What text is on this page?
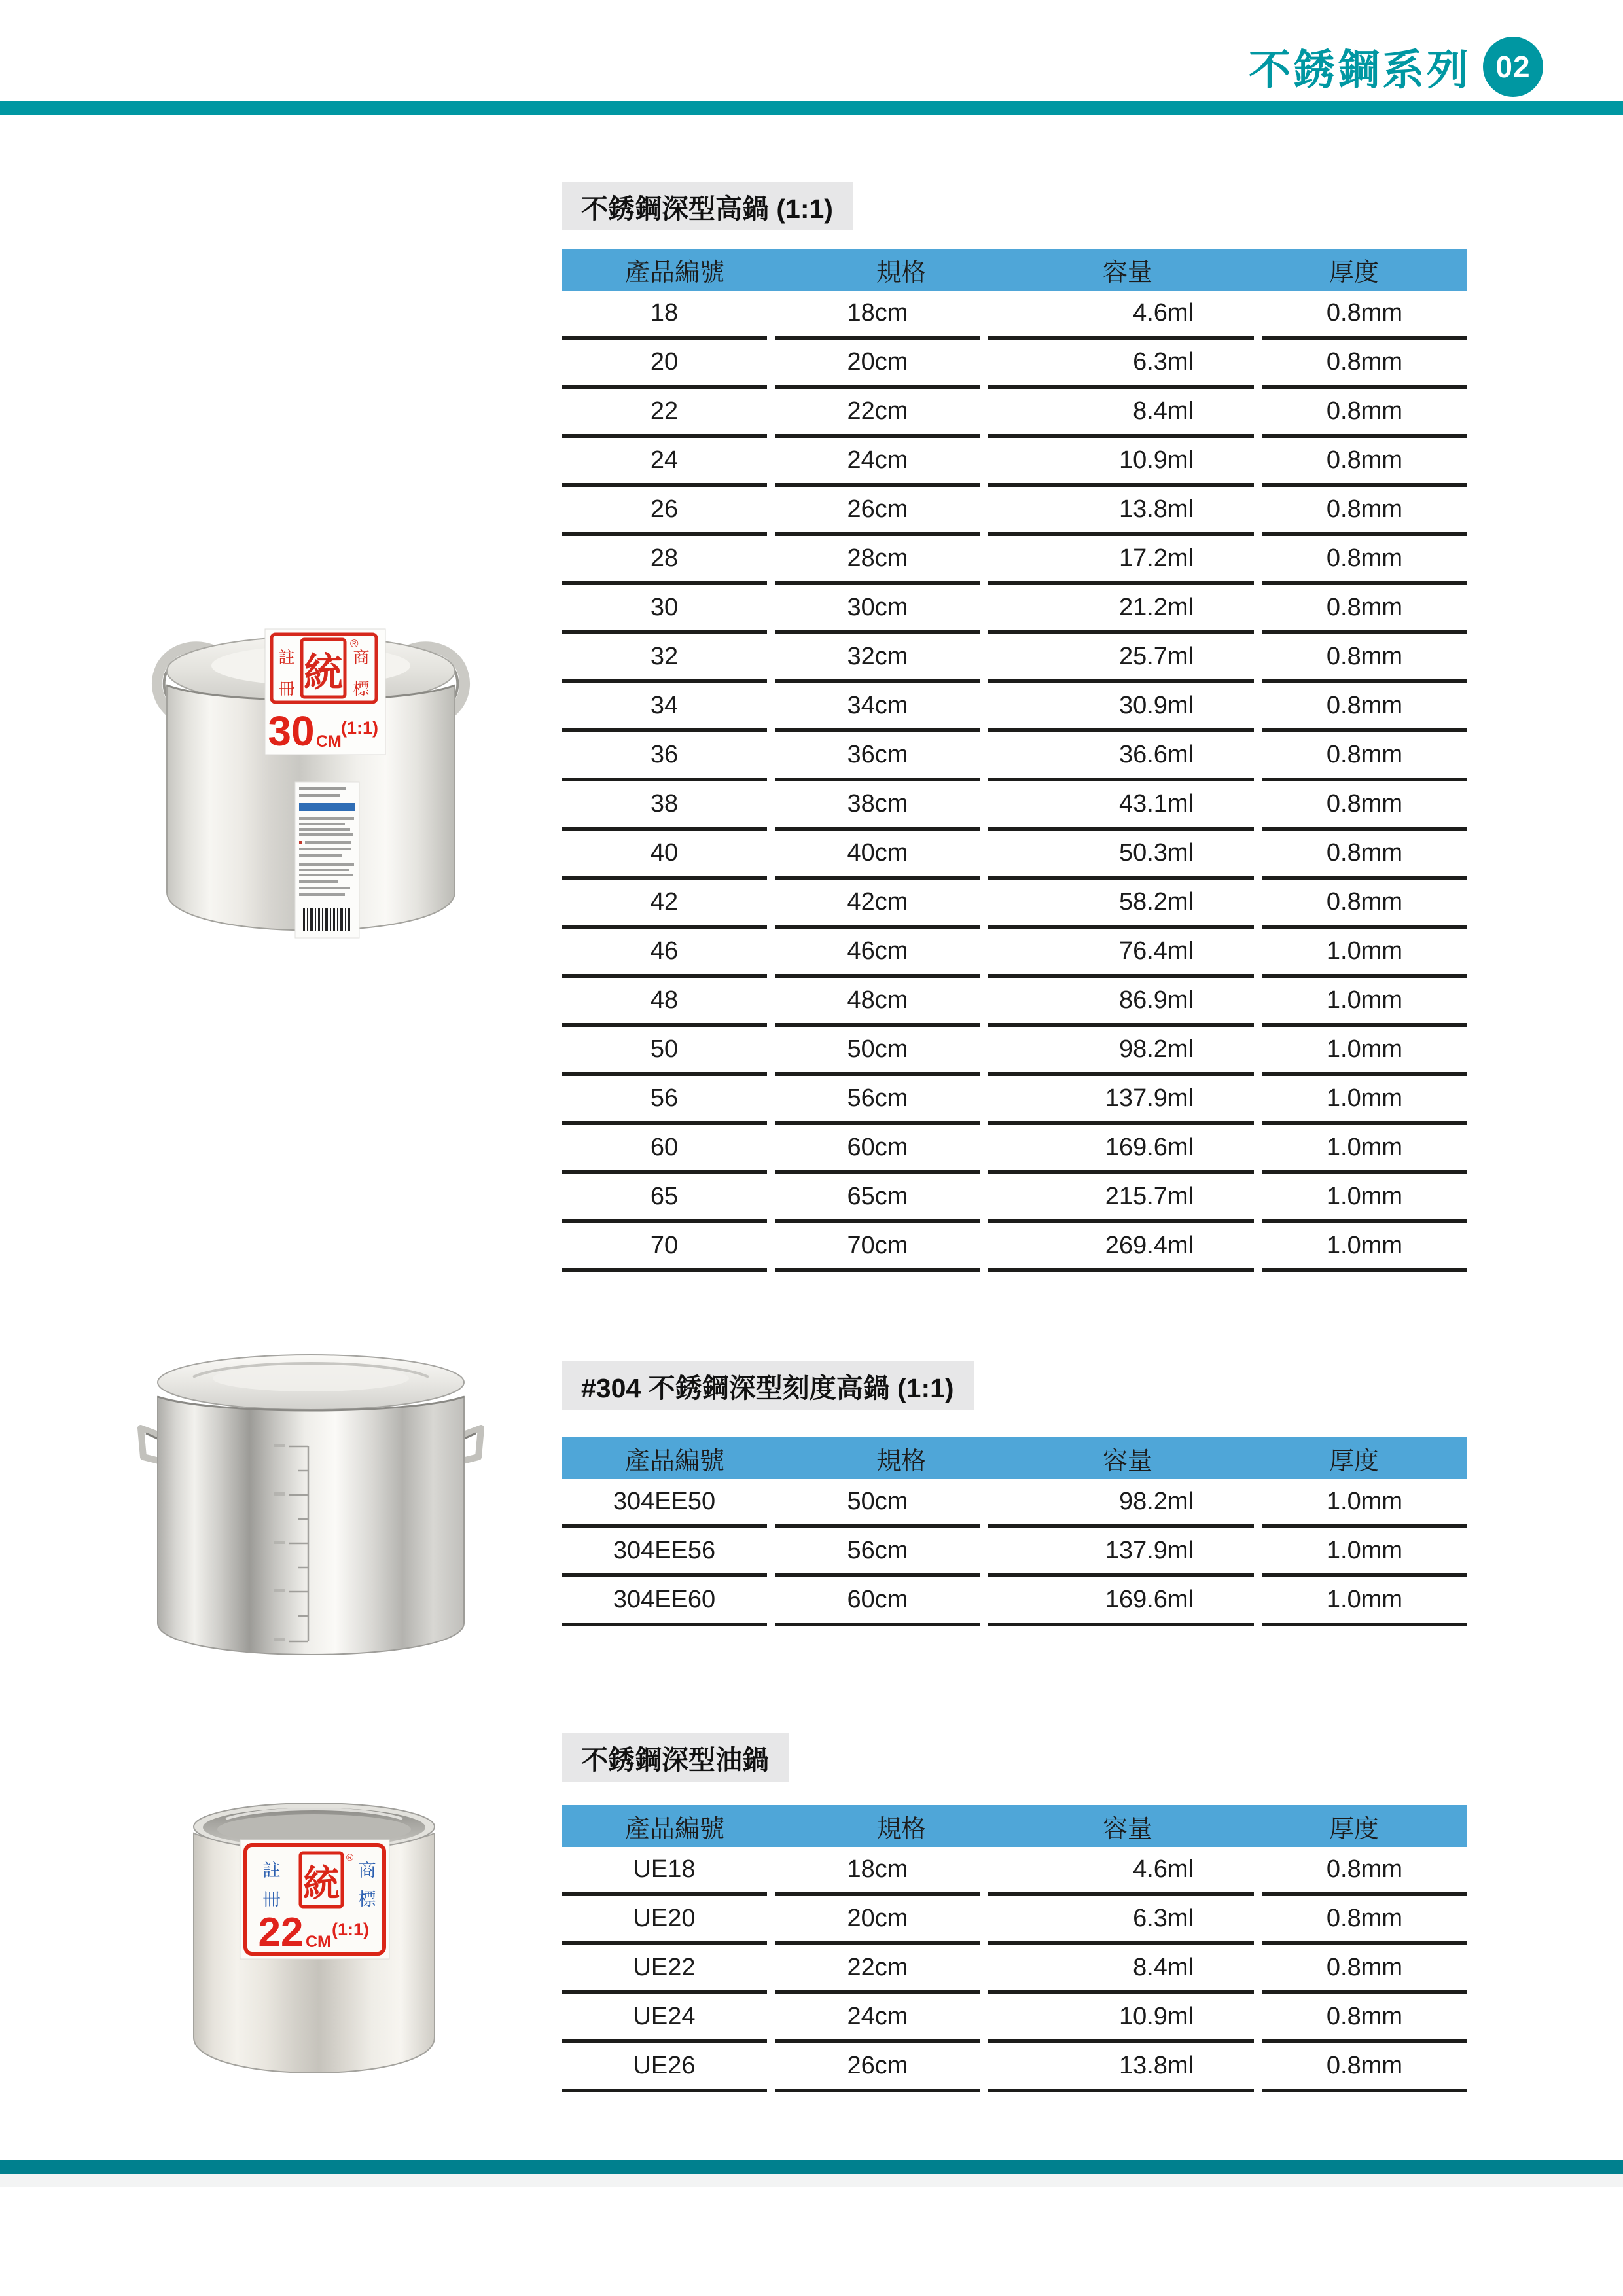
不銹鋼系列 02
不銹鋼深型高鍋 (1:1)
#304 不銹鋼深型刻度高鍋 (1:1)
不銹鋼深型油鍋
產品編號	規格	容量	厚度
18	18cm	4.6ml	0.8mm
20	20cm	6.3ml	0.8mm
22	22cm	8.4ml	0.8mm
24	24cm	10.9ml	0.8mm
26	26cm	13.8ml	0.8mm
28	28cm	17.2ml	0.8mm
30	30cm	21.2ml	0.8mm
32	32cm	25.7ml	0.8mm
34	34cm	30.9ml	0.8mm
36	36cm	36.6ml	0.8mm
38	38cm	43.1ml	0.8mm
40	40cm	50.3ml	0.8mm
42	42cm	58.2ml	0.8mm
46	46cm	76.4ml	1.0mm
48	48cm	86.9ml	1.0mm
50	50cm	98.2ml	1.0mm
56	56cm	137.9ml	1.0mm
60	60cm	169.6ml	1.0mm
65	65cm	215.7ml	1.0mm
70	70cm	269.4ml	1.0mm
產品編號	規格	容量	厚度
304EE50	50cm	98.2ml	1.0mm
304EE56	56cm	137.9ml	1.0mm
304EE60	60cm	169.6ml	1.0mm
產品編號	規格	容量	厚度
UE18	18cm	4.6ml	0.8mm
UE20	20cm	6.3ml	0.8mm
UE22	22cm	8.4ml	0.8mm
UE24	24cm	10.9ml	0.8mm
UE26	26cm	13.8ml	0.8mm
統
®
註
冊
商
標
30 CM
(1:1)
統
®
註
冊
商
標
22 CM
(1:1)
